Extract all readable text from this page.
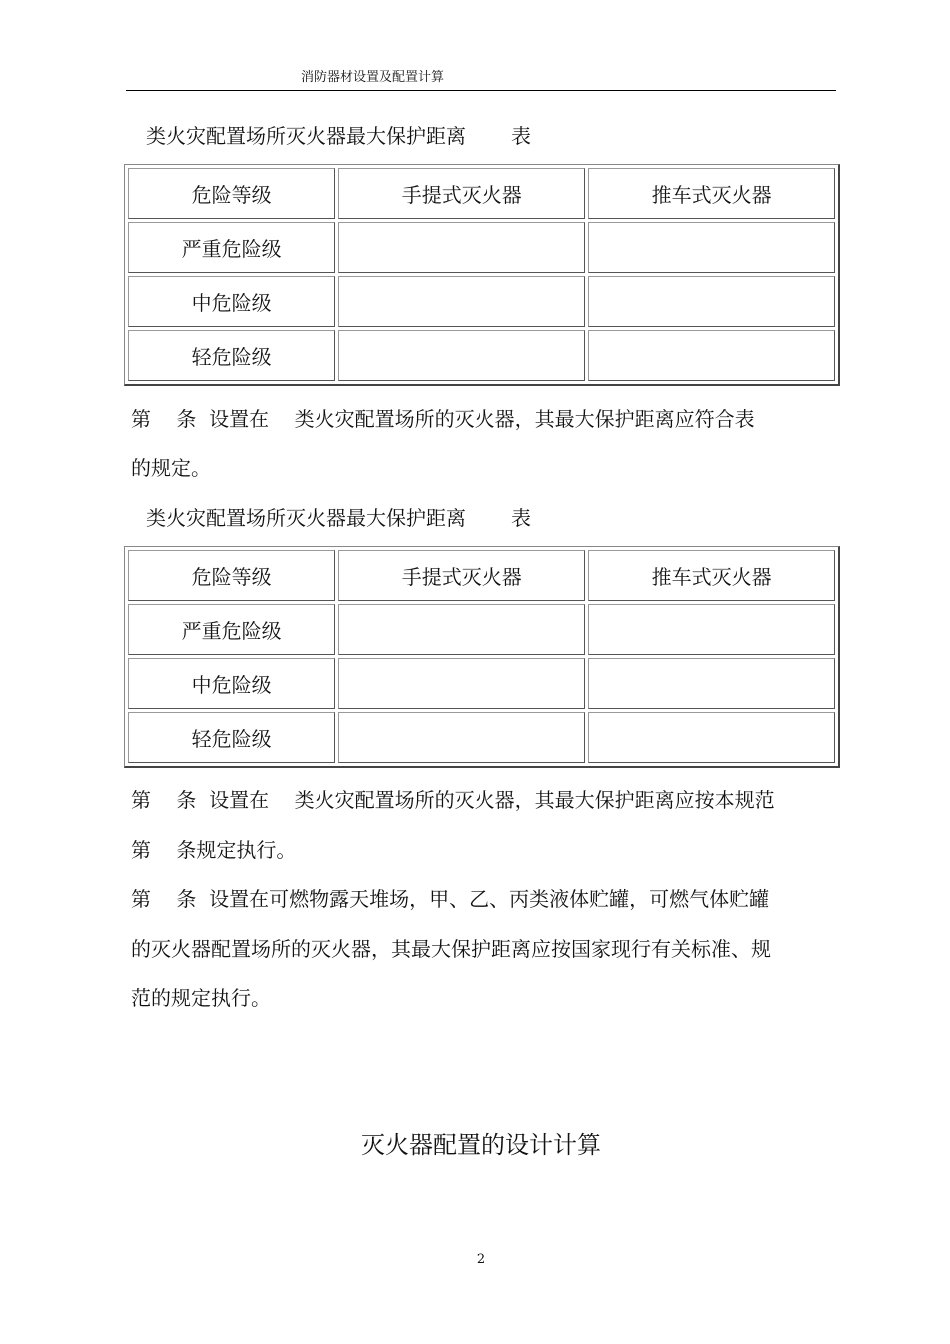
消防器材设置及配置计算
类火灾配置场所灭火器最大保护距离 表
危险等级	手提式灭火器	推车式灭火器
严重危险级		
中危险级		
轻危险级		
第    条  设置在    类火灾配置场所的灭火器，其最大保护距离应符合表
的规定。
类火灾配置场所灭火器最大保护距离 表
危险等级	手提式灭火器	推车式灭火器
严重危险级		
中危险级		
轻危险级		
第    条  设置在    类火灾配置场所的灭火器，其最大保护距离应按本规范
第    条规定执行。
第    条  设置在可燃物露天堆场，甲、乙、丙类液体贮罐，可燃气体贮罐
的灭火器配置场所的灭火器，其最大保护距离应按国家现行有关标准、规
范的规定执行。
灭火器配置的设计计算
2
